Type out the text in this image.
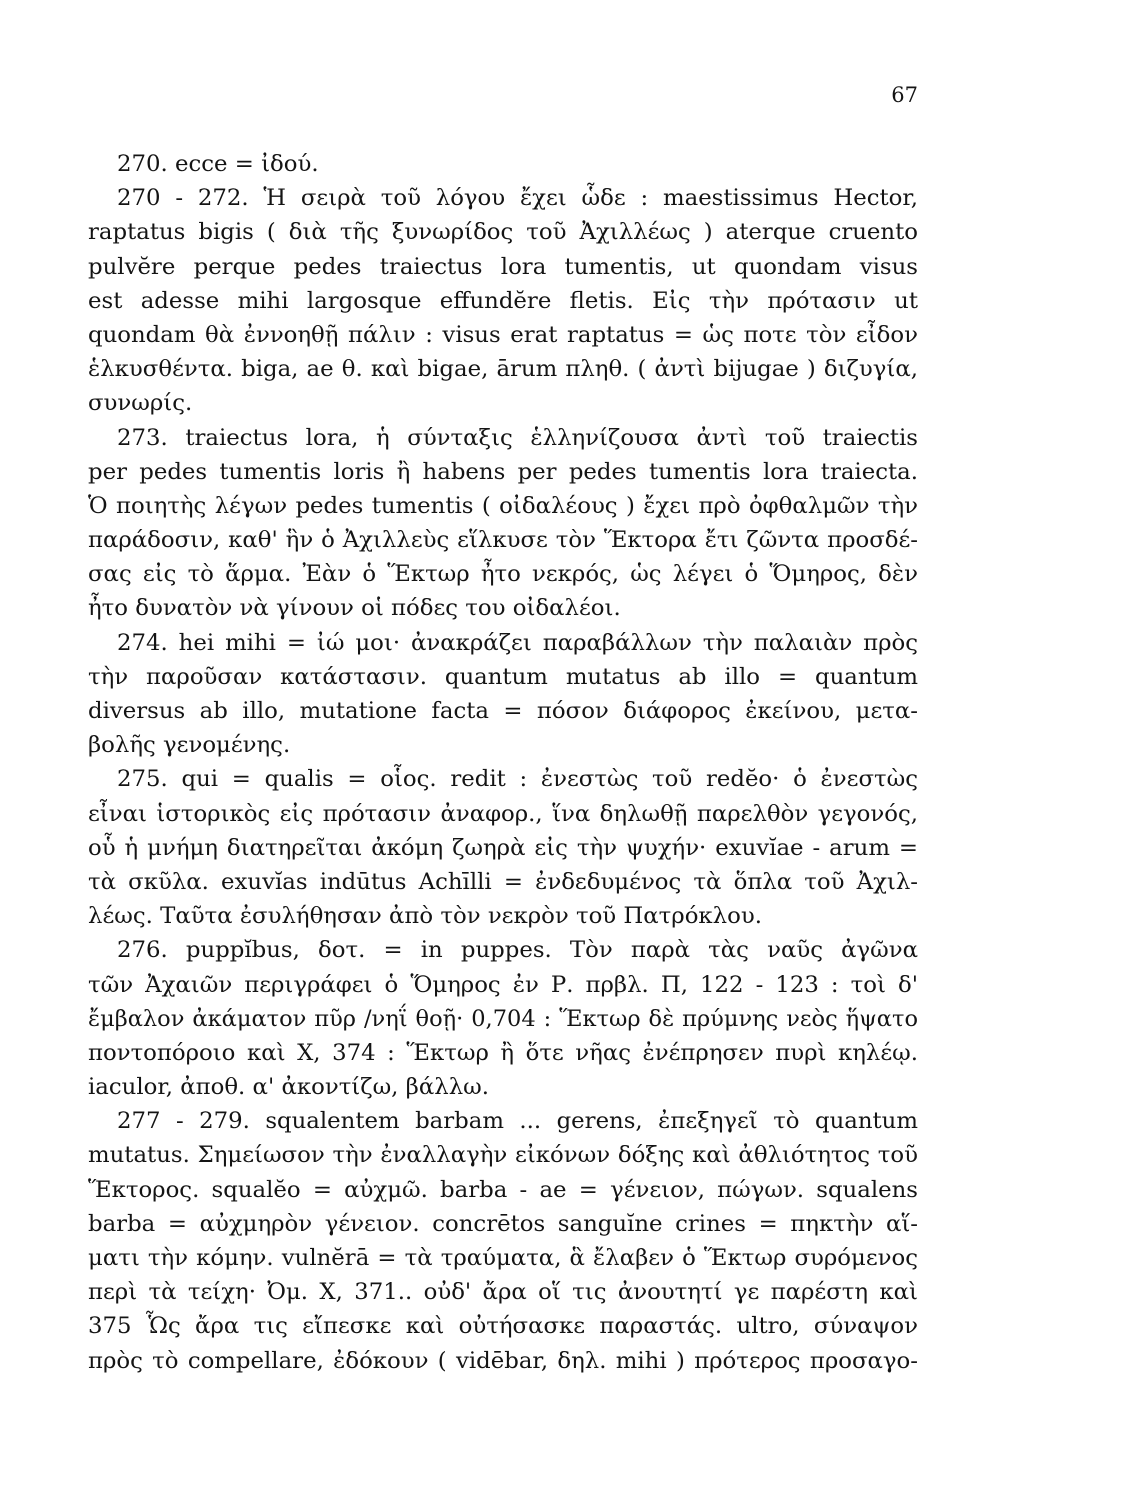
67
270. ecce = ἰδού.
270 - 272. Ἡ σειρὰ τοῦ λόγου ἔχει ὧδε : maestissimus Hector,
raptatus bigis ( διὰ τῆς ξυνωρίδος τοῦ Ἀχιλλέως ) aterque cruento
pulvĕre perque pedes traiectus lora tumentis, ut quondam visus
est adesse mihi largosque effundĕre fletis. Εἰς τὴν πρότασιν ut
quondam θὰ ἐννοηθῇ πάλιν : visus erat raptatus = ὡς ποτε τὸν εἶδον
ἑλκυσθέντα. biga, ae θ. καὶ bigae, ārum πληθ. ( ἀντὶ bijugae ) διζυγία,
συνωρίς.
273. traiectus lora, ἡ σύνταξις ἑλληνίζουσα ἀντὶ τοῦ traiectis
per pedes tumentis loris ἢ habens per pedes tumentis lora traiecta.
Ὁ ποιητὴς λέγων pedes tumentis ( οἰδαλέους ) ἔχει πρὸ ὀφθαλμῶν τὴν
παράδοσιν, καθ' ἣν ὁ Ἀχιλλεὺς εἵλκυσε τὸν Ἕκτορα ἔτι ζῶντα προσδέ-
σας εἰς τὸ ἅρμα. Ἐὰν ὁ Ἕκτωρ ἦτο νεκρός, ὡς λέγει ὁ Ὅμηρος, δὲν
ἦτο δυνατὸν νὰ γίνουν οἱ πόδες του οἰδαλέοι.
274. hei mihi = ἰώ μοι· ἀνακράζει παραβάλλων τὴν παλαιὰν πρὸς
τὴν παροῦσαν κατάστασιν. quantum mutatus ab illo = quantum
diversus ab illo, mutatione facta = πόσον διάφορος ἐκείνου, μετα-
βολῆς γενομένης.
275. qui = qualis = οἷος. redit : ἐνεστὼς τοῦ redĕo· ὁ ἐνεστὼς
εἶναι ἱστορικὸς εἰς πρότασιν ἀναφορ., ἵνα δηλωθῇ παρελθὸν γεγονός,
οὗ ἡ μνήμη διατηρεῖται ἀκόμη ζωηρὰ εἰς τὴν ψυχήν· exuvĭae - arum =
τὰ σκῦλα. exuvĭas indūtus Achīlli = ἐνδεδυμένος τὰ ὅπλα τοῦ Ἀχιλ-
λέως. Ταῦτα ἐσυλήθησαν ἀπὸ τὸν νεκρὸν τοῦ Πατρόκλου.
276. puppĭbus, δοτ. = in puppes. Τὸν παρὰ τὰς ναῦς ἀγῶνα
τῶν Ἀχαιῶν περιγράφει ὁ Ὅμηρος ἐν Ρ. πρβλ. Π, 122 - 123 : τοὶ δ'
ἔμβαλον ἀκάματον πῦρ /νηΐ θοῇ· 0,704 : Ἕκτωρ δὲ πρύμνης νεὸς ἥψατο
ποντοπόροιο καὶ Χ, 374 : Ἕκτωρ ἢ ὅτε νῆας ἐνέπρησεν πυρὶ κηλέῳ.
iaculor, ἀποθ. α' ἀκοντίζω, βάλλω.
277 - 279. squalentem barbam ... gerens, ἐπεξηγεῖ τὸ quantum
mutatus. Σημείωσον τὴν ἐναλλαγὴν εἰκόνων δόξης καὶ ἀθλιότητος τοῦ
Ἕκτορος. squalĕo = αὐχμῶ. barba - ae = γένειον, πώγων. squalens
barba = αὐχμηρὸν γένειον. concrētos sanguĭne crines = πηκτὴν αἵ-
ματι τὴν κόμην. vulnĕrā = τὰ τραύματα, ἃ ἔλαβεν ὁ Ἕκτωρ συρόμενος
περὶ τὰ τείχη· Ὀμ. Χ, 371.. οὐδ' ἄρα οἵ τις ἀνουτητί γε παρέστη καὶ
375 Ὧς ἄρα τις εἴπεσκε καὶ οὐτήσασκε παραστάς. ultro, σύναψον
πρὸς τὸ compellare, ἐδόκουν ( vidēbar, δηλ. mihi ) πρότερος προσαγο-
